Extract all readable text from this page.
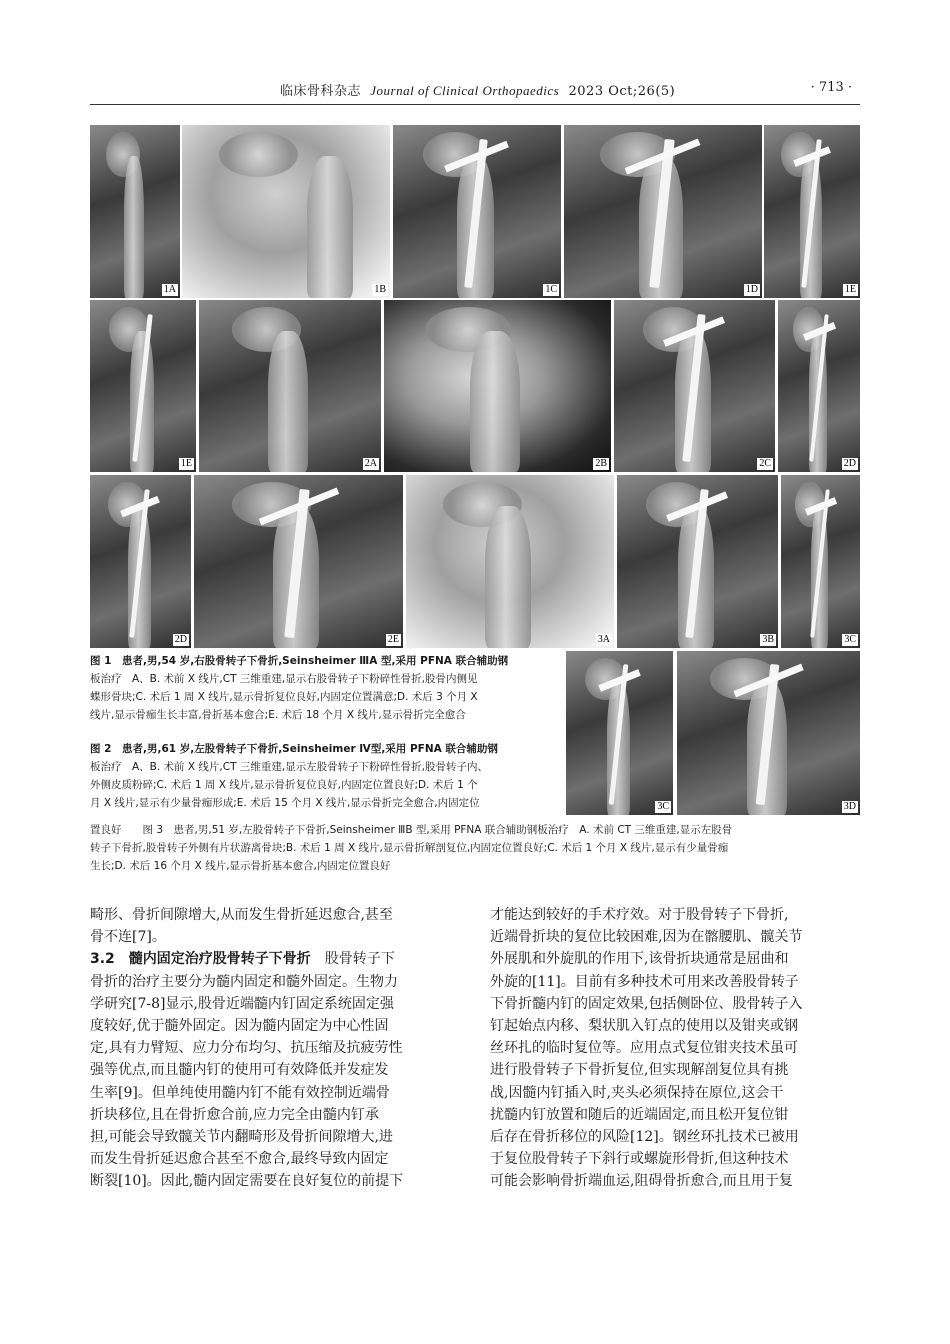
临床骨科杂志 Journal of Clinical Orthopaedics 2023 Oct;26(5)	· 713 ·
1A	1B	1C	1D	1E
1E	2A	2B	2C	2D
2D	2E	3A	3B	3C
3C	3D
图 1　患者,男,54 岁,右股骨转子下骨折,Seinsheimer ⅢA 型,采用 PFNA 联合辅助钢
板治疗　A、B. 术前 X 线片,CT 三维重建,显示右股骨转子下粉碎性骨折,股骨内侧见
蝶形骨块;C. 术后 1 周 X 线片,显示骨折复位良好,内固定位置满意;D. 术后 3 个月 X
线片,显示骨痂生长丰富,骨折基本愈合;E. 术后 18 个月 X 线片,显示骨折完全愈合
图 2　患者,男,61 岁,左股骨转子下骨折,Seinsheimer Ⅳ型,采用 PFNA 联合辅助钢
板治疗　A、B. 术前 X 线片,CT 三维重建,显示左股骨转子下粉碎性骨折,股骨转子内、
外侧皮质粉碎;C. 术后 1 周 X 线片,显示骨折复位良好,内固定位置良好;D. 术后 1 个
月 X 线片,显示有少量骨痂形成;E. 术后 15 个月 X 线片,显示骨折完全愈合,内固定位
置良好　　图 3　患者,男,51 岁,左股骨转子下骨折,Seinsheimer ⅢB 型,采用 PFNA 联合辅助钢板治疗　A. 术前 CT 三维重建,显示左股骨
转子下骨折,股骨转子外侧有片状游离骨块;B. 术后 1 周 X 线片,显示骨折解剖复位,内固定位置良好;C. 术后 1 个月 X 线片,显示有少量骨痂
生长;D. 术后 16 个月 X 线片,显示骨折基本愈合,内固定位置良好
畸形、骨折间隙增大,从而发生骨折延迟愈合,甚至
骨不连[7]。
3.2　髓内固定治疗股骨转子下骨折　股骨转子下
骨折的治疗主要分为髓内固定和髓外固定。生物力
学研究[7-8]显示,股骨近端髓内钉固定系统固定强
度较好,优于髓外固定。因为髓内固定为中心性固
定,具有力臂短、应力分布均匀、抗压缩及抗疲劳性
强等优点,而且髓内钉的使用可有效降低并发症发
生率[9]。但单纯使用髓内钉不能有效控制近端骨
折块移位,且在骨折愈合前,应力完全由髓内钉承
担,可能会导致髋关节内翻畸形及骨折间隙增大,进
而发生骨折延迟愈合甚至不愈合,最终导致内固定
断裂[10]。因此,髓内固定需要在良好复位的前提下
才能达到较好的手术疗效。对于股骨转子下骨折,
近端骨折块的复位比较困难,因为在髂腰肌、髋关节
外展肌和外旋肌的作用下,该骨折块通常是屈曲和
外旋的[11]。目前有多种技术可用来改善股骨转子
下骨折髓内钉的固定效果,包括侧卧位、股骨转子入
钉起始点内移、梨状肌入钉点的使用以及钳夹或钢
丝环扎的临时复位等。应用点式复位钳夹技术虽可
进行股骨转子下骨折复位,但实现解剖复位具有挑
战,因髓内钉插入时,夹头必须保持在原位,这会干
扰髓内钉放置和随后的近端固定,而且松开复位钳
后存在骨折移位的风险[12]。钢丝环扎技术已被用
于复位股骨转子下斜行或螺旋形骨折,但这种技术
可能会影响骨折端血运,阻碍骨折愈合,而且用于复
